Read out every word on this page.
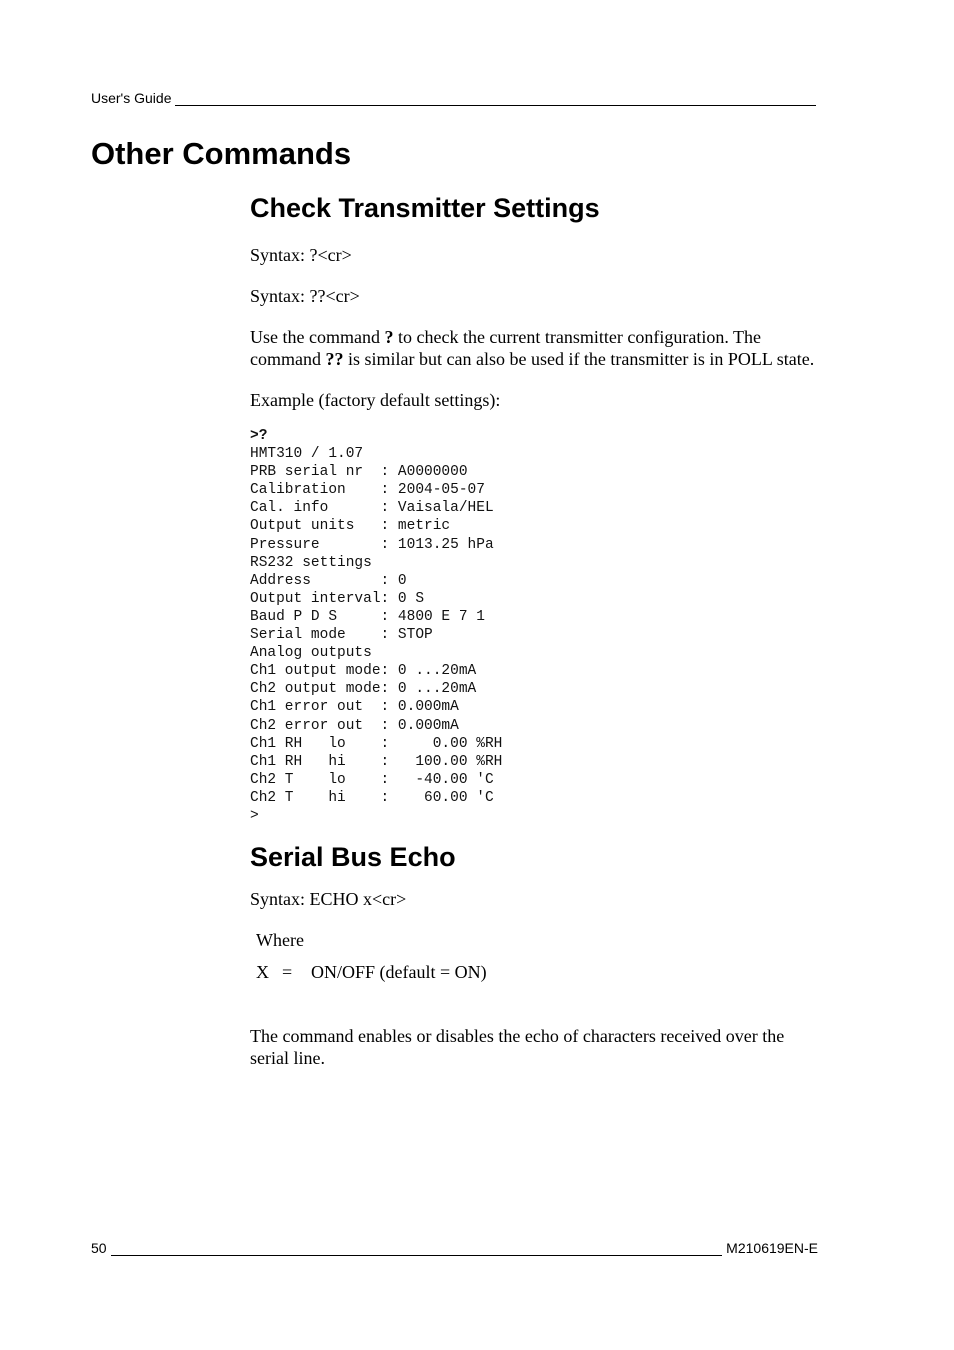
User's Guide
Other Commands
Check Transmitter Settings

Syntax: ?<cr>

Syntax: ??<cr>

Use the command ? to check the current transmitter configuration. The command ?? is similar but can also be used if the transmitter is in POLL state.

Example (factory default settings):

>?
HMT310 / 1.07
PRB serial nr  : A0000000
Calibration    : 2004-05-07
Cal. info      : Vaisala/HEL
Output units   : metric
Pressure       : 1013.25 hPa
RS232 settings
Address        : 0
Output interval: 0 S
Baud P D S     : 4800 E 7 1
Serial mode    : STOP
Analog outputs
Ch1 output mode: 0 ...20mA
Ch2 output mode: 0 ...20mA
Ch1 error out  : 0.000mA
Ch2 error out  : 0.000mA
Ch1 RH   lo    :     0.00 %RH
Ch1 RH   hi    :   100.00 %RH
Ch2 T    lo    :   -40.00 'C
Ch2 T    hi    :    60.00 'C
>
Serial Bus Echo

Syntax: ECHO x<cr>

Where

X =	ON/OFF (default = ON)

The command enables or disables the echo of characters received over the serial line.

50	M210619EN-E
